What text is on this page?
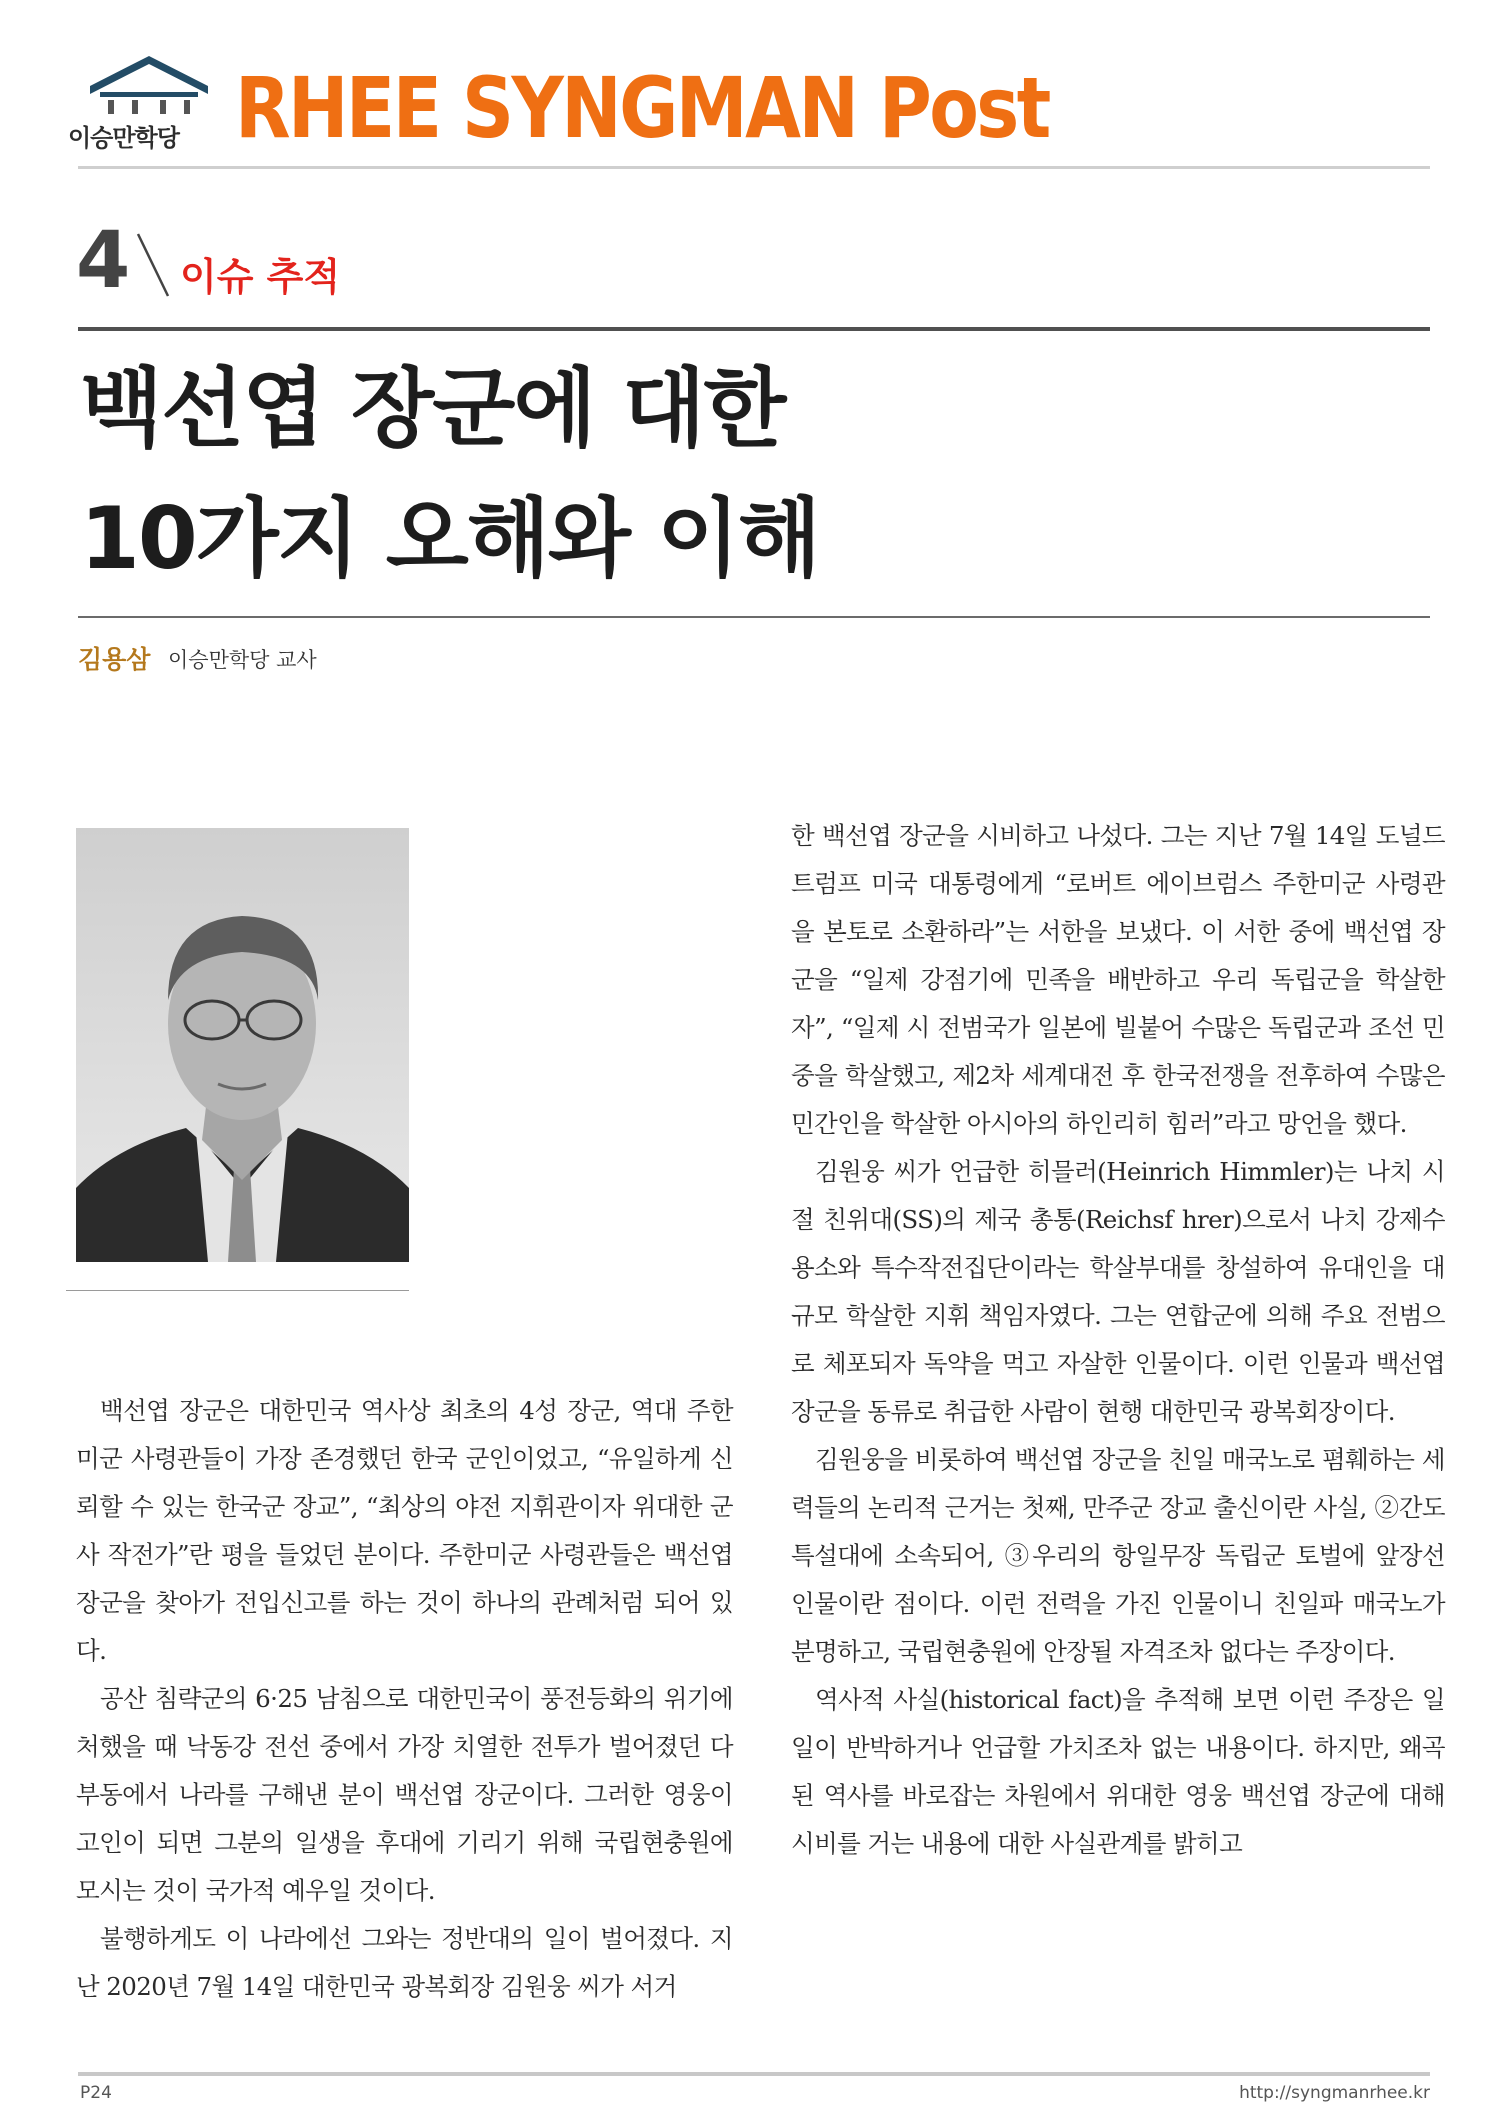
이승만학당 RHEE SYNGMAN Post
4 이슈 추적
백선엽 장군에 대한
10가지 오해와 이해
김용삼 이승만학당 교사

백선엽 장군은 대한민국 역사상 최초의 4성 장군, 역대 주한미군 사령관들이 가장 존경했던 한국 군인이었고, “유일하게 신뢰할 수 있는 한국군 장교”, “최상의 야전 지휘관이자 위대한 군사 작전가”란 평을 들었던 분이다. 주한미군 사령관들은 백선엽 장군을 찾아가 전입신고를 하는 것이 하나의 관례처럼 되어 있다.

공산 침략군의 6·25 남침으로 대한민국이 풍전등화의 위기에 처했을 때 낙동강 전선 중에서 가장 치열한 전투가 벌어졌던 다부동에서 나라를 구해낸 분이 백선엽 장군이다. 그러한 영웅이 고인이 되면 그분의 일생을 후대에 기리기 위해 국립현충원에 모시는 것이 국가적 예우일 것이다.

불행하게도 이 나라에선 그와는 정반대의 일이 벌어졌다. 지난 2020년 7월 14일 대한민국 광복회장 김원웅 씨가 서거

한 백선엽 장군을 시비하고 나섰다. 그는 지난 7월 14일 도널드 트럼프 미국 대통령에게 “로버트 에이브럼스 주한미군 사령관을 본토로 소환하라”는 서한을 보냈다. 이 서한 중에 백선엽 장군을 “일제 강점기에 민족을 배반하고 우리 독립군을 학살한 자”, “일제 시 전범국가 일본에 빌붙어 수많은 독립군과 조선 민중을 학살했고, 제2차 세계대전 후 한국전쟁을 전후하여 수많은 민간인을 학살한 아시아의 하인리히 힘러”라고 망언을 했다.

김원웅 씨가 언급한 히믈러(Heinrich Himmler)는 나치 시절 친위대(SS)의 제국 총통(Reichsf hrer)으로서 나치 강제수용소와 특수작전집단이라는 학살부대를 창설하여 유대인을 대규모 학살한 지휘 책임자였다. 그는 연합군에 의해 주요 전범으로 체포되자 독약을 먹고 자살한 인물이다. 이런 인물과 백선엽 장군을 동류로 취급한 사람이 현행 대한민국 광복회장이다.

김원웅을 비롯하여 백선엽 장군을 친일 매국노로 폄훼하는 세력들의 논리적 근거는 첫째, 만주군 장교 출신이란 사실, ②간도특설대에 소속되어, ③우리의 항일무장 독립군 토벌에 앞장선 인물이란 점이다. 이런 전력을 가진 인물이니 친일파 매국노가 분명하고, 국립현충원에 안장될 자격조차 없다는 주장이다.

역사적 사실(historical fact)을 추적해 보면 이런 주장은 일일이 반박하거나 언급할 가치조차 없는 내용이다. 하지만, 왜곡된 역사를 바로잡는 차원에서 위대한 영웅 백선엽 장군에 대해 시비를 거는 내용에 대한 사실관계를 밝히고

P24	http://syngmanrhee.kr
